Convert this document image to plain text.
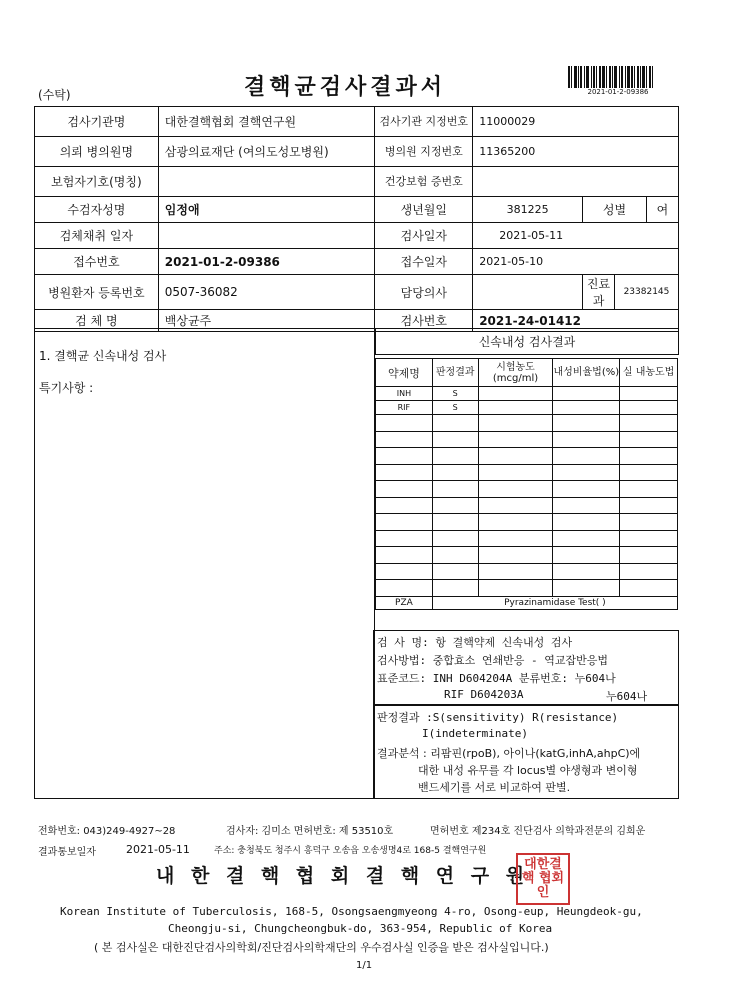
(수탁)	결핵균검사결과서	2021-01-2-09386
검사기관명	대한결핵협회 결핵연구원	검사기관 지정번호	11000029			

의뢰 병의원명	삼광의료재단 (여의도성모병원)	병의원 지정번호	11365200			

보험자기호(명칭)		건강보험 증번호				

수검자성명	임정애	생년월일	381225	성별		여

검체채취 일자		검사일자	2021-05-11			

접수번호	2021-01-2-09386	접수일자	2021-05-10			

병원환자 등록번호	0507-36082	담당의사		진료과	23382145	

검 체 명	백상균주	검사번호	2021-24-01412			
1. 결핵균 신속내성 검사
특기사항 :
신속내성 검사결과
약제명	판정결과	시험농도(mcg/ml)	내성비율법(%)	실 내농도법

INH	S			

RIF	S			

PZA	Pyrazinamidase Test( )			
검 사 명: 항 결핵약제 신속내성 검사
검사방법: 중합효소 연쇄반응 - 역교잡반응법
표준코드: INH D604204A 분류번호: 누604나
RIF D604203A	누604나
판정결과 :S(sensitivity) R(resistance)
I(indeterminate)
결과분석 : 리팜핀(rpoB), 아이나(katG,inhA,ahpC)에
대한 내성 유무를 각 locus별 야생형과 변이형
밴드세기를 서로 비교하여 판별.
전화번호: 043)249-4927~28	검사자: 김미소 면허번호: 제 53510호	면허번호 제234호 진단검사 의학과전문의 김희운
결과통보일자	2021-05-11	주소: 충청북도 청주시 흥덕구 오송읍 오송생명4로 168-5 결핵연구원
내 한 결 핵 협 회 결 핵 연 구 원
대한결핵 협회인
Korean Institute of Tuberculosis, 168-5, Osongsaengmyeong 4-ro, Osong-eup, Heungdeok-gu,
Cheongju-si, Chungcheongbuk-do, 363-954, Republic of Korea
( 본 검사실은 대한진단검사의학회/진단검사의학재단의 우수검사실 인증을 받은 검사실입니다.)
1/1
